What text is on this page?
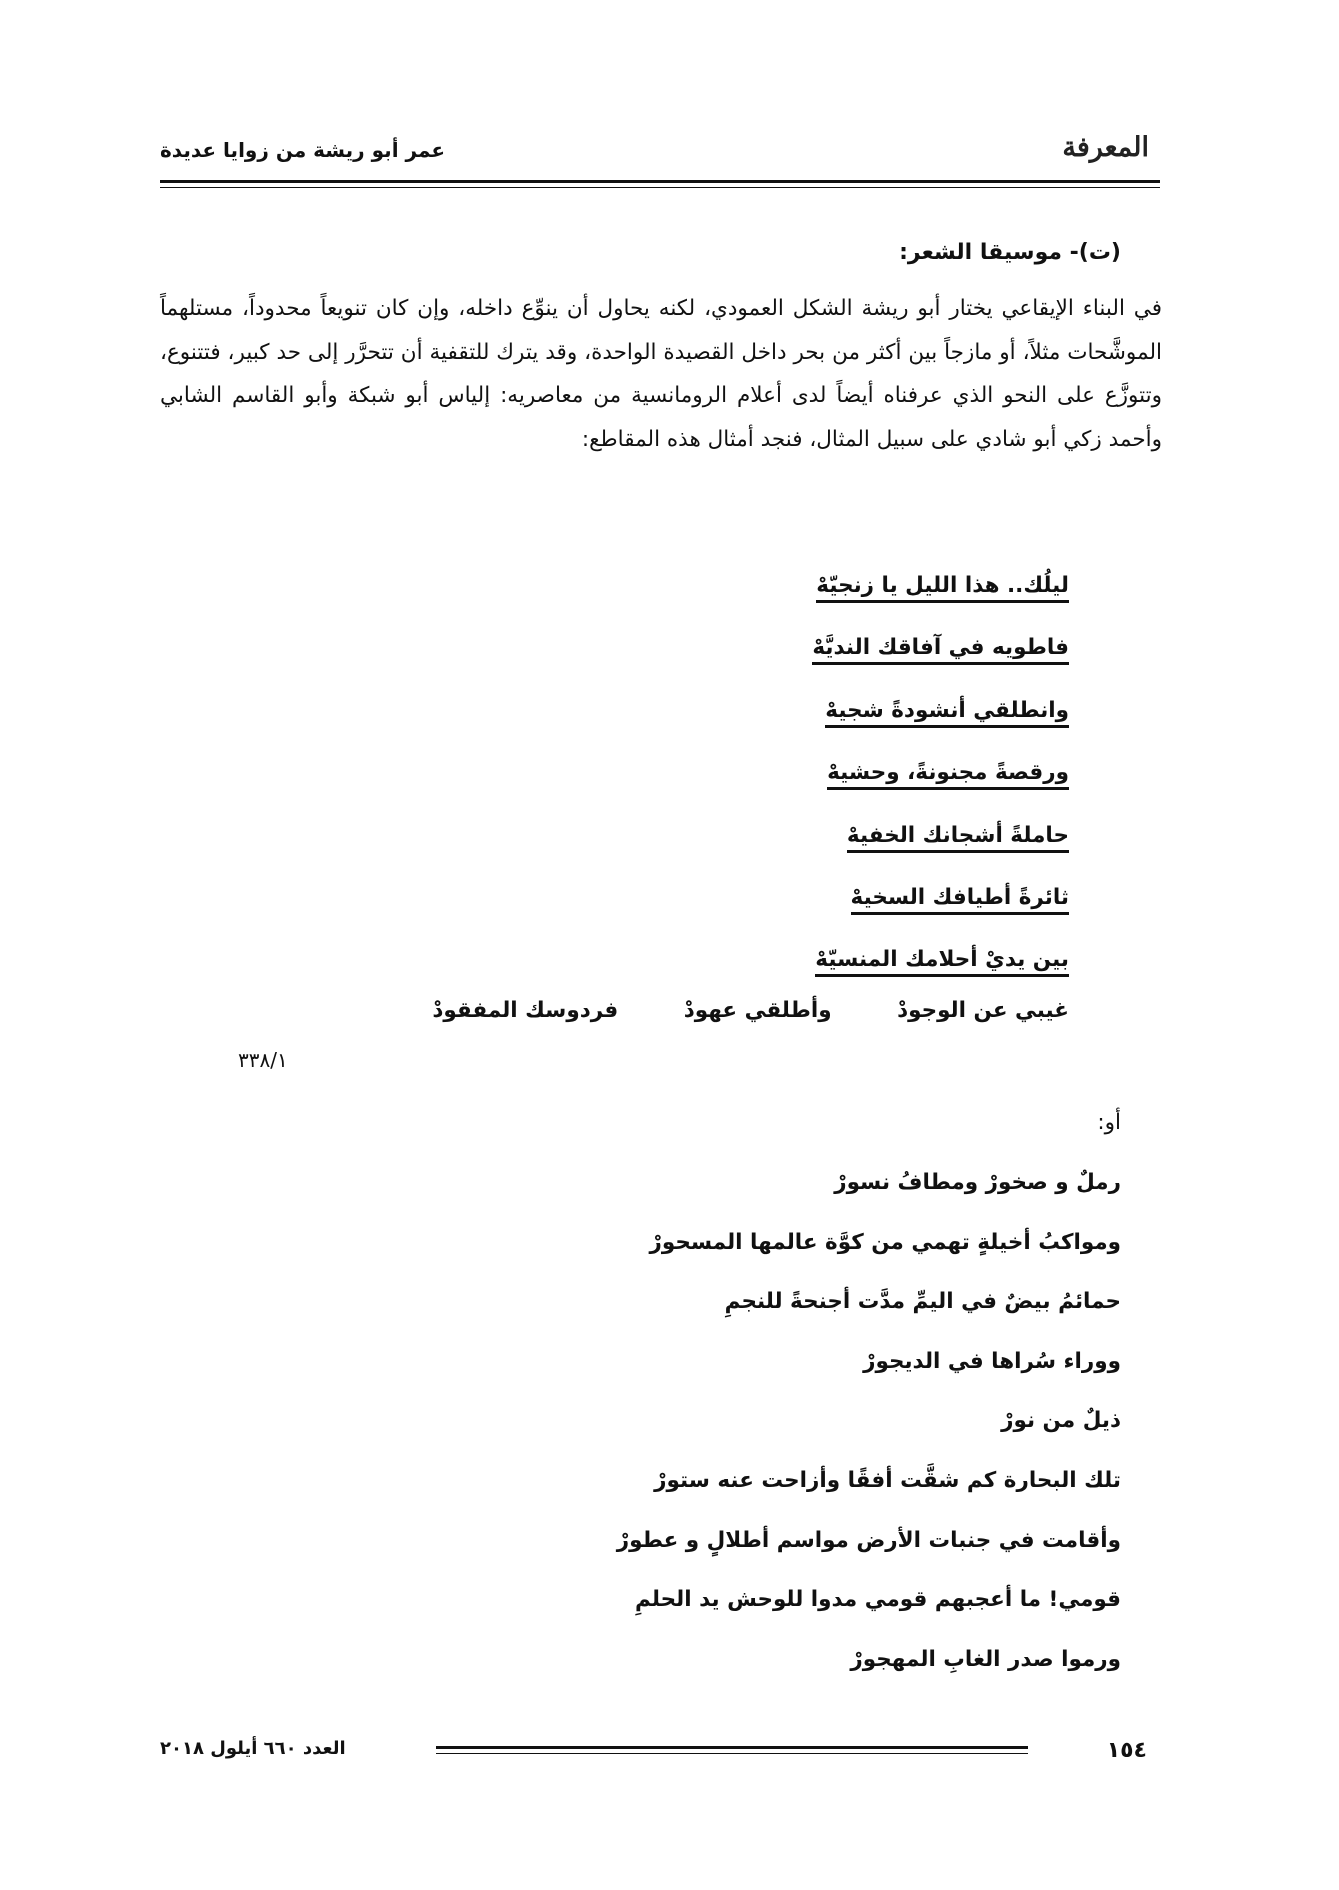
المعرفة
عمر أبو ريشة من زوايا عديدة
(ت)- موسيقا الشعر:
في البناء الإيقاعي يختار أبو ريشة الشكل العمودي، لكنه يحاول أن ينوِّع داخله، وإن كان تنويعاً محدوداً، مستلهماً الموشَّحات مثلاً، أو مازجاً بين أكثر من بحر داخل القصيدة الواحدة، وقد يترك للتقفية أن تتحرَّر إلى حد كبير، فتتنوع، وتتوزَّع على النحو الذي عرفناه أيضاً لدى أعلام الرومانسية من معاصريه: إلياس أبو شبكة وأبو القاسم الشابي وأحمد زكي أبو شادي على سبيل المثال، فنجد أمثال هذه المقاطع:
ليلُك.. هذا الليل يا زنجيّهْ
فاطويه في آفاقك النديَّهْ
وانطلقي أنشودةً شجيهْ
ورقصةً مجنونةً، وحشيهْ
حاملةً أشجانك الخفيهْ
ثائرةً أطيافك السخيهْ
بين يديْ أحلامك المنسيّهْ
غيبي عن الوجودْ وأطلقي عهودْ فردوسك المفقودْ
٣٣٨/١
أو:
رملٌ و صخورْ ومطافُ نسورْ
ومواكبُ أخيلةٍ تهمي من كوَّة عالمها المسحورْ
حمائمُ بيضٌ في اليمِّ مدَّت أجنحةً للنجمِ
ووراء سُراها في الديجورْ
ذيلٌ من نورْ
تلك البحارة كم شقَّت أفقًا وأزاحت عنه ستورْ
وأقامت في جنبات الأرض مواسم أطلالٍ و عطورْ
قومي! ما أعجبهم قومي مدوا للوحش يد الحلمِ
ورموا صدر الغابِ المهجورْ
١٥٤
العدد ٦٦٠ أيلول ٢٠١٨
